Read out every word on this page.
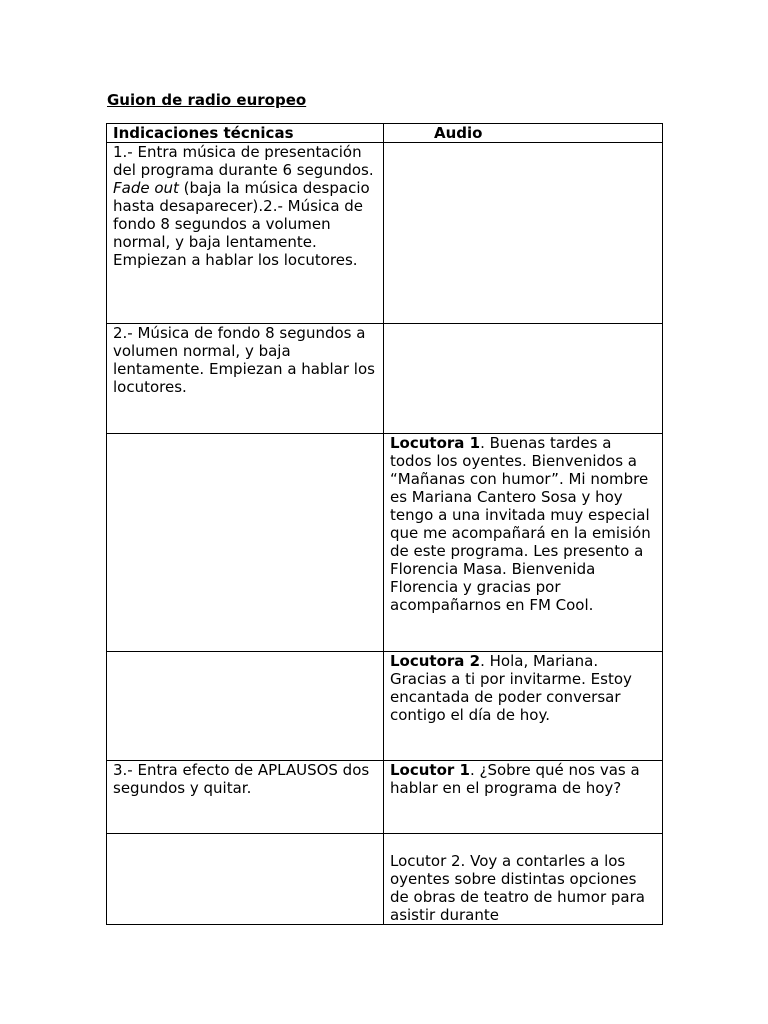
Guion de radio europeo
Indicaciones técnicas	Audio
1.- Entra música de presentación del programa durante 6 segundos. Fade out (baja la música despacio hasta desaparecer).2.- Música de fondo 8 segundos a volumen normal, y baja lentamente. Empiezan a hablar los locutores.	
2.- Música de fondo 8 segundos a volumen normal, y baja lentamente. Empiezan a hablar los locutores.	
	Locutora 1. Buenas tardes a todos los oyentes. Bienvenidos a “Mañanas con humor”. Mi nombre es Mariana Cantero Sosa y hoy tengo a una invitada muy especial que me acompañará en la emisión de este programa. Les presento a Florencia Masa. Bienvenida Florencia y gracias por acompañarnos en FM Cool.
	Locutora 2. Hola, Mariana. Gracias a ti por invitarme. Estoy encantada de poder conversar contigo el día de hoy.
3.- Entra efecto de APLAUSOS dos segundos y quitar.	Locutor 1. ¿Sobre qué nos vas a hablar en el programa de hoy?
	Locutor 2. Voy a contarles a los oyentes sobre distintas opciones de obras de teatro de humor para asistir durante
